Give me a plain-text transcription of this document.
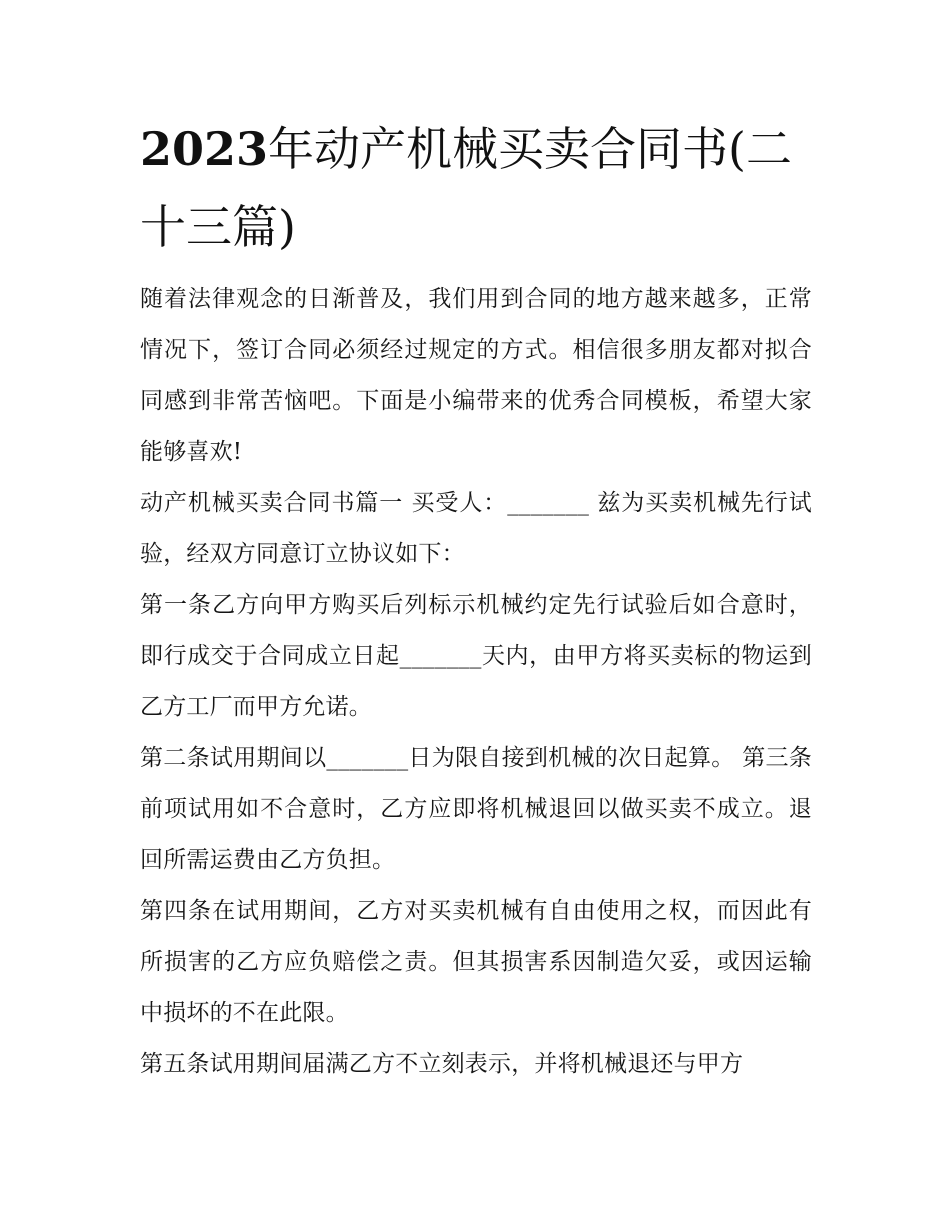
2023年动产机械买卖合同书(二十三篇)

随着法律观念的日渐普及，我们用到合同的地方越来越多，正常情况下，签订合同必须经过规定的方式。相信很多朋友都对拟合同感到非常苦恼吧。下面是小编带来的优秀合同模板，希望大家能够喜欢!

动产机械买卖合同书篇一 买受人：_______ 兹为买卖机械先行试验，经双方同意订立协议如下：

第一条乙方向甲方购买后列标示机械约定先行试验后如合意时，即行成交于合同成立日起_______天内，由甲方将买卖标的物运到乙方工厂而甲方允诺。

第二条试用期间以_______日为限自接到机械的次日起算。 第三条前项试用如不合意时，乙方应即将机械退回以做买卖不成立。退回所需运费由乙方负担。

第四条在试用期间，乙方对买卖机械有自由使用之权，而因此有所损害的乙方应负赔偿之责。但其损害系因制造欠妥，或因运输中损坏的不在此限。

第五条试用期间届满乙方不立刻表示，并将机械退还与甲方
